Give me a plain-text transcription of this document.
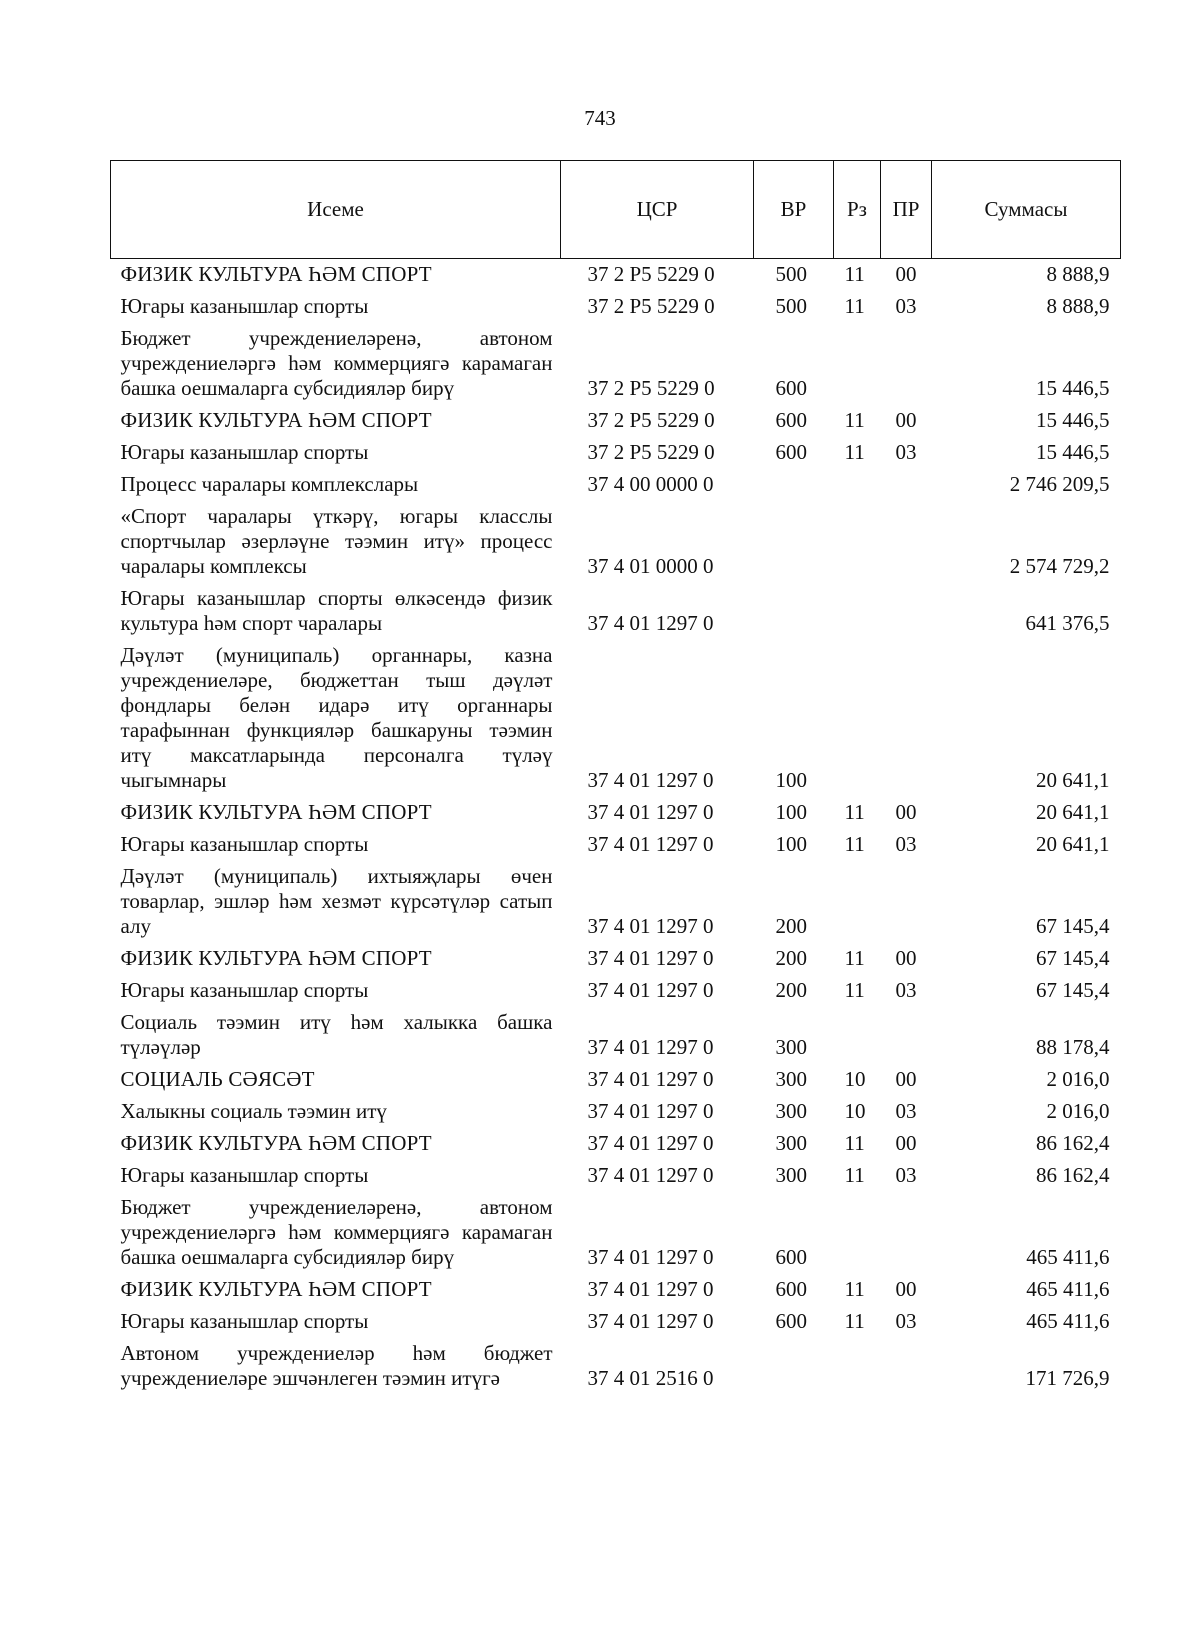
743
Исеме	ЦСР	ВР	Рз	ПР	Суммасы

ФИЗИК КУЛЬТУРА ҺӘМ СПОРТ	37 2 P5 5229 0	500	11	00	8 888,9

Югары казанышлар спорты	37 2 P5 5229 0	500	11	03	8 888,9

Бюджет учреждениеләренә, автоном учреждениеләргә һәм коммерциягә карамаган башка оешмаларга субсидияләр бирү	37 2 P5 5229 0	600			15 446,5

ФИЗИК КУЛЬТУРА ҺӘМ СПОРТ	37 2 P5 5229 0	600	11	00	15 446,5

Югары казанышлар спорты	37 2 P5 5229 0	600	11	03	15 446,5

Процесс чаралары комплекслары	37 4 00 0000 0				2 746 209,5

«Спорт чаралары үткәрү, югары класслы спортчылар әзерләүне тәэмин итү» процесс чаралары комплексы	37 4 01 0000 0				2 574 729,2

Югары казанышлар спорты өлкәсендә физик культура һәм спорт чаралары	37 4 01 1297 0				641 376,5

Дәүләт (муниципаль) органнары, казна учреждениеләре, бюджеттан тыш дәүләт фондлары белән идарә итү органнары тарафыннан функцияләр башкаруны тәэмин итү максатларында персоналга түләү чыгымнары	37 4 01 1297 0	100			20 641,1

ФИЗИК КУЛЬТУРА ҺӘМ СПОРТ	37 4 01 1297 0	100	11	00	20 641,1

Югары казанышлар спорты	37 4 01 1297 0	100	11	03	20 641,1

Дәүләт (муниципаль) ихтыяҗлары өчен товарлар, эшләр һәм хезмәт күрсәтүләр сатып алу	37 4 01 1297 0	200			67 145,4

ФИЗИК КУЛЬТУРА ҺӘМ СПОРТ	37 4 01 1297 0	200	11	00	67 145,4

Югары казанышлар спорты	37 4 01 1297 0	200	11	03	67 145,4

Социаль тәэмин итү һәм халыкка башка түләүләр	37 4 01 1297 0	300			88 178,4

СОЦИАЛЬ СӘЯСӘТ	37 4 01 1297 0	300	10	00	2 016,0

Халыкны социаль тәэмин итү	37 4 01 1297 0	300	10	03	2 016,0

ФИЗИК КУЛЬТУРА ҺӘМ СПОРТ	37 4 01 1297 0	300	11	00	86 162,4

Югары казанышлар спорты	37 4 01 1297 0	300	11	03	86 162,4

Бюджет учреждениеләренә, автоном учреждениеләргә һәм коммерциягә карамаган башка оешмаларга субсидияләр бирү	37 4 01 1297 0	600			465 411,6

ФИЗИК КУЛЬТУРА ҺӘМ СПОРТ	37 4 01 1297 0	600	11	00	465 411,6

Югары казанышлар спорты	37 4 01 1297 0	600	11	03	465 411,6

Автоном учреждениеләр һәм бюджет учреждениеләре эшчәнлеген тәэмин итүгә	37 4 01 2516 0				171 726,9
